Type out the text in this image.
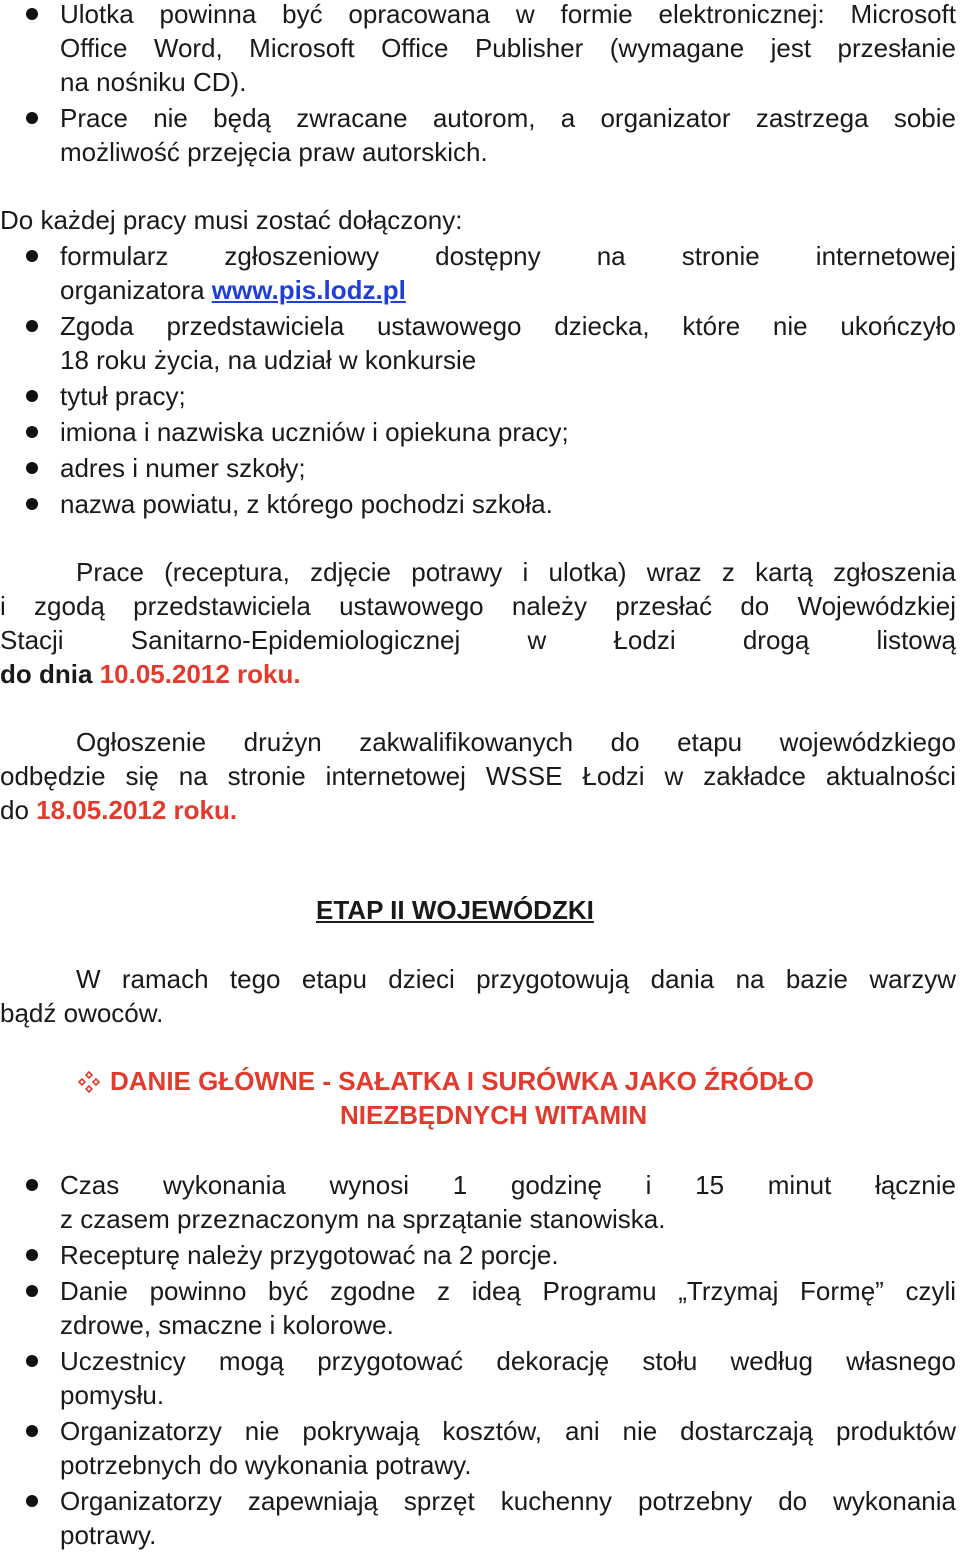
Ulotka powinna być opracowana w formie elektronicznej: Microsoft
Office Word, Microsoft Office Publisher (wymagane jest przesłanie
na nośniku CD).
Prace nie będą zwracane autorom, a organizator zastrzega sobie
możliwość przejęcia praw autorskich.
Do każdej pracy musi zostać dołączony:
formularz zgłoszeniowy dostępny na stronie internetowej
organizatora www.pis.lodz.pl
Zgoda przedstawiciela ustawowego dziecka, które nie ukończyło
18 roku życia, na udział w konkursie
tytuł pracy;
imiona i nazwiska uczniów i opiekuna pracy;
adres i numer szkoły;
nazwa powiatu, z którego pochodzi szkoła.
Prace (receptura, zdjęcie potrawy i ulotka) wraz z kartą zgłoszenia
i zgodą przedstawiciela ustawowego należy przesłać do Wojewódzkiej
Stacji Sanitarno-Epidemiologicznej w Łodzi drogą listową
do dnia 10.05.2012 roku.
Ogłoszenie drużyn zakwalifikowanych do etapu wojewódzkiego
odbędzie się na stronie internetowej WSSE Łodzi w zakładce aktualności
do 18.05.2012 roku.
ETAP II WOJEWÓDZKI
W ramach tego etapu dzieci przygotowują dania na bazie warzyw
bądź owoców.
DANIE GŁÓWNE - SAŁATKA I SURÓWKA JAKO ŹRÓDŁO
NIEZBĘDNYCH WITAMIN
Czas wykonania wynosi 1 godzinę i 15 minut łącznie
z czasem przeznaczonym na sprzątanie stanowiska.
Recepturę należy przygotować na 2 porcje.
Danie powinno być zgodne z ideą Programu „Trzymaj Formę” czyli
zdrowe, smaczne i kolorowe.
Uczestnicy mogą przygotować dekorację stołu według własnego
pomysłu.
Organizatorzy nie pokrywają kosztów, ani nie dostarczają produktów
potrzebnych do wykonania potrawy.
Organizatorzy zapewniają sprzęt kuchenny potrzebny do wykonania
potrawy.
